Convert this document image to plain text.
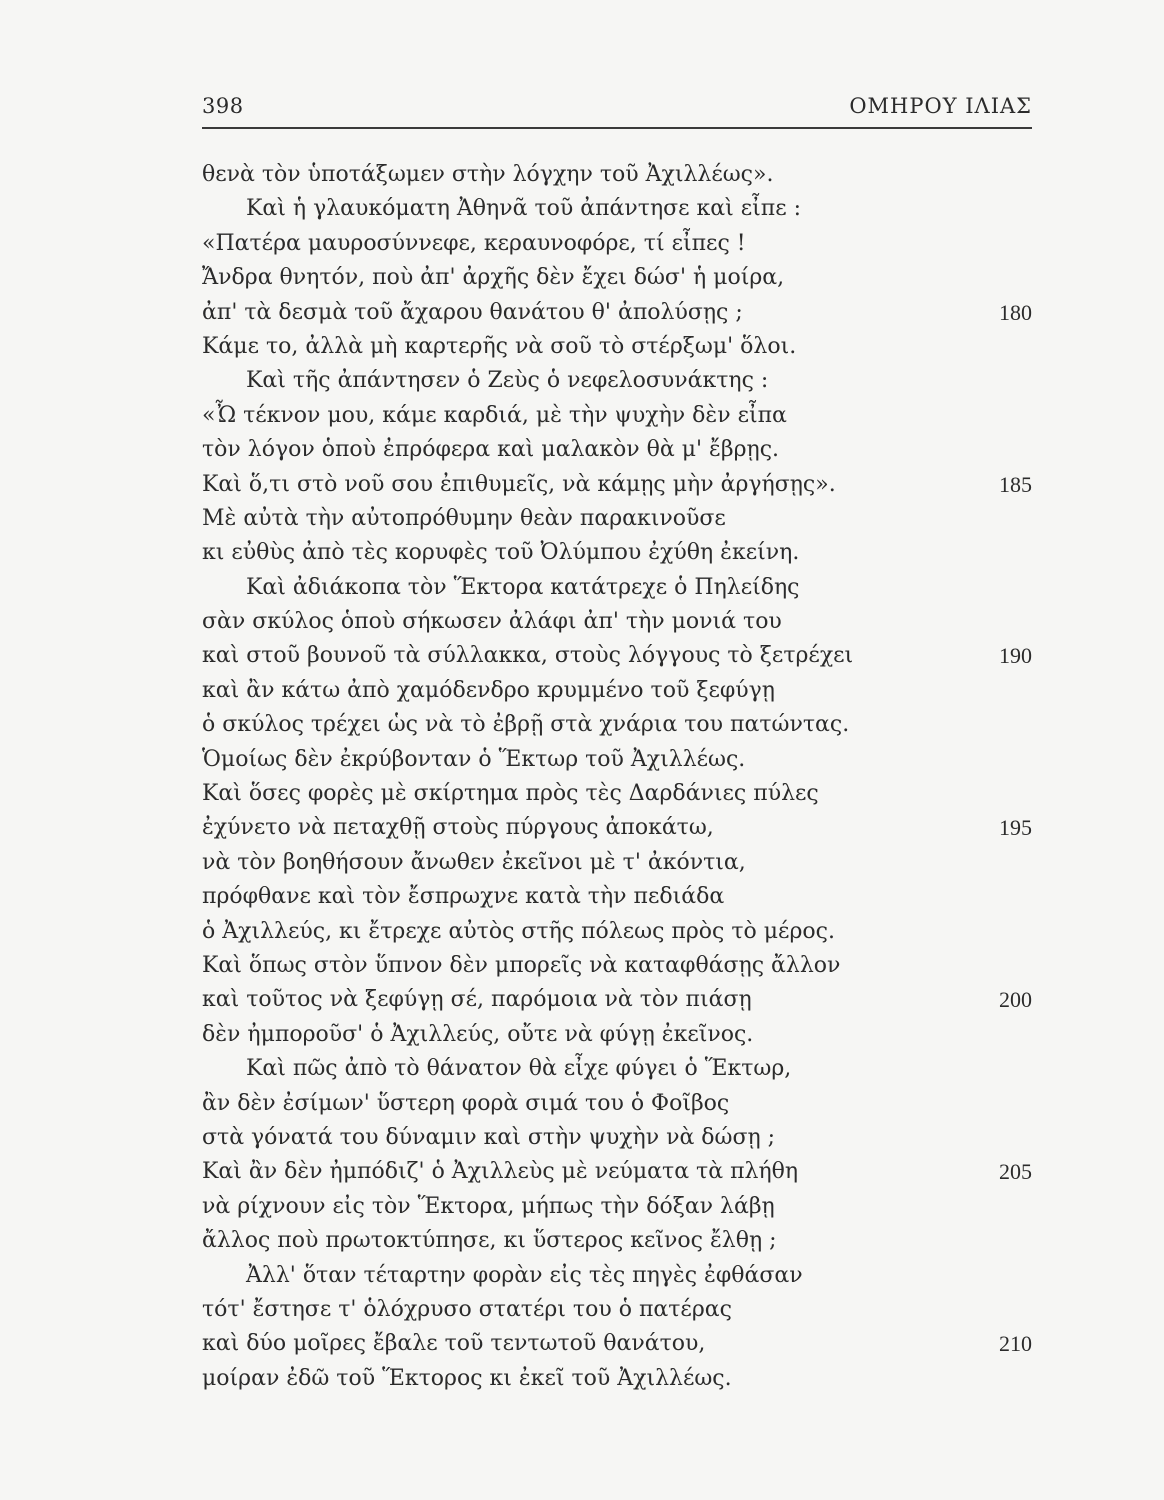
398	ΟΜΗΡΟΥ ΙΛΙΑΣ
θενὰ τὸν ὑποτάξωμεν στὴν λόγχην τοῦ Ἀχιλλέως».
Καὶ ἡ γλαυκόματη Ἀθηνᾶ τοῦ ἀπάντησε καὶ εἶπε :
«Πατέρα μαυροσύννεφε, κεραυνοφόρε, τί εἶπες !
Ἄνδρα θνητόν, ποὺ ἀπ' ἀρχῆς δὲν ἔχει δώσ' ἡ μοίρα,
ἀπ' τὰ δεσμὰ τοῦ ἄχαρου θανάτου θ' ἀπολύσῃς ;	180
Κάμε το, ἀλλὰ μὴ καρτερῆς νὰ σοῦ τὸ στέρξωμ' ὅλοι.
Καὶ τῆς ἀπάντησεν ὁ Ζεὺς ὁ νεφελοσυνάκτης :
«Ὦ τέκνον μου, κάμε καρδιά, μὲ τὴν ψυχὴν δὲν εἶπα
τὸν λόγον ὁποὺ ἐπρόφερα καὶ μαλακὸν θὰ μ' ἔβρῃς.
Καὶ ὅ,τι στὸ νοῦ σου ἐπιθυμεῖς, νὰ κάμῃς μὴν ἀργήσῃς».	185
Μὲ αὐτὰ τὴν αὐτοπρόθυμην θεὰν παρακινοῦσε
κι εὐθὺς ἀπὸ τὲς κορυφὲς τοῦ Ὀλύμπου ἐχύθη ἐκείνη.
Καὶ ἀδιάκοπα τὸν Ἕκτορα κατάτρεχε ὁ Πηλείδης
σὰν σκύλος ὁποὺ σήκωσεν ἀλάφι ἀπ' τὴν μονιά του
καὶ στοῦ βουνοῦ τὰ σύλλακκα, στοὺς λόγγους τὸ ξετρέχει	190
καὶ ἂν κάτω ἀπὸ χαμόδενδρο κρυμμένο τοῦ ξεφύγῃ
ὁ σκύλος τρέχει ὡς νὰ τὸ ἐβρῇ στὰ χνάρια του πατώντας.
Ὁμοίως δὲν ἐκρύβονταν ὁ Ἕκτωρ τοῦ Ἀχιλλέως.
Καὶ ὅσες φορὲς μὲ σκίρτημα πρὸς τὲς Δαρδάνιες πύλες
ἐχύνετο νὰ πεταχθῇ στοὺς πύργους ἀποκάτω,	195
νὰ τὸν βοηθήσουν ἄνωθεν ἐκεῖνοι μὲ τ' ἀκόντια,
πρόφθανε καὶ τὸν ἔσπρωχνε κατὰ τὴν πεδιάδα
ὁ Ἀχιλλεύς, κι ἔτρεχε αὐτὸς στῆς πόλεως πρὸς τὸ μέρος.
Καὶ ὅπως στὸν ὕπνον δὲν μπορεῖς νὰ καταφθάσῃς ἄλλον
καὶ τοῦτος νὰ ξεφύγῃ σέ, παρόμοια νὰ τὸν πιάσῃ	200
δὲν ἠμποροῦσ' ὁ Ἀχιλλεύς, οὔτε νὰ φύγῃ ἐκεῖνος.
Καὶ πῶς ἀπὸ τὸ θάνατον θὰ εἶχε φύγει ὁ Ἕκτωρ,
ἂν δὲν ἐσίμων' ὕστερη φορὰ σιμά του ὁ Φοῖβος
στὰ γόνατά του δύναμιν καὶ στὴν ψυχὴν νὰ δώσῃ ;
Καὶ ἂν δὲν ἠμπόδιζ' ὁ Ἀχιλλεὺς μὲ νεύματα τὰ πλήθη	205
νὰ ρίχνουν εἰς τὸν Ἕκτορα, μήπως τὴν δόξαν λάβῃ
ἄλλος ποὺ πρωτοκτύπησε, κι ὕστερος κεῖνος ἔλθῃ ;
Ἀλλ' ὅταν τέταρτην φορὰν εἰς τὲς πηγὲς ἐφθάσαν
τότ' ἔστησε τ' ὁλόχρυσο στατέρι του ὁ πατέρας
καὶ δύο μοῖρες ἔβαλε τοῦ τεντωτοῦ θανάτου,	210
μοίραν ἐδῶ τοῦ Ἕκτορος κι ἐκεῖ τοῦ Ἀχιλλέως.
